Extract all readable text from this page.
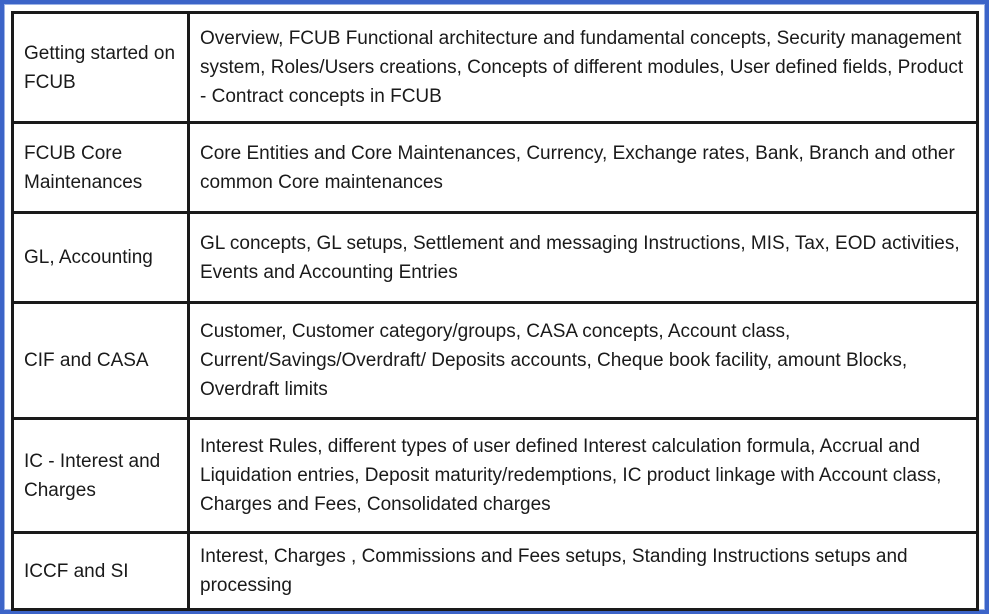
Getting started on FCUB	Overview, FCUB Functional architecture and fundamental concepts, Security management system, Roles/Users creations, Concepts of different modules, User defined fields, Product - Contract concepts in FCUB
FCUB Core Maintenances	Core Entities and Core Maintenances, Currency, Exchange rates, Bank, Branch and other common Core maintenances
GL, Accounting	GL concepts, GL setups, Settlement and messaging Instructions, MIS, Tax, EOD activities, Events and Accounting Entries
CIF and CASA	Customer, Customer category/groups, CASA concepts, Account class, Current/Savings/Overdraft/ Deposits accounts, Cheque book facility, amount Blocks, Overdraft limits
IC - Interest and Charges	Interest Rules, different types of user defined Interest calculation formula, Accrual and Liquidation entries, Deposit maturity/redemptions, IC product linkage with Account class, Charges and Fees, Consolidated charges
ICCF and SI	Interest, Charges , Commissions and Fees setups, Standing Instructions setups and processing
